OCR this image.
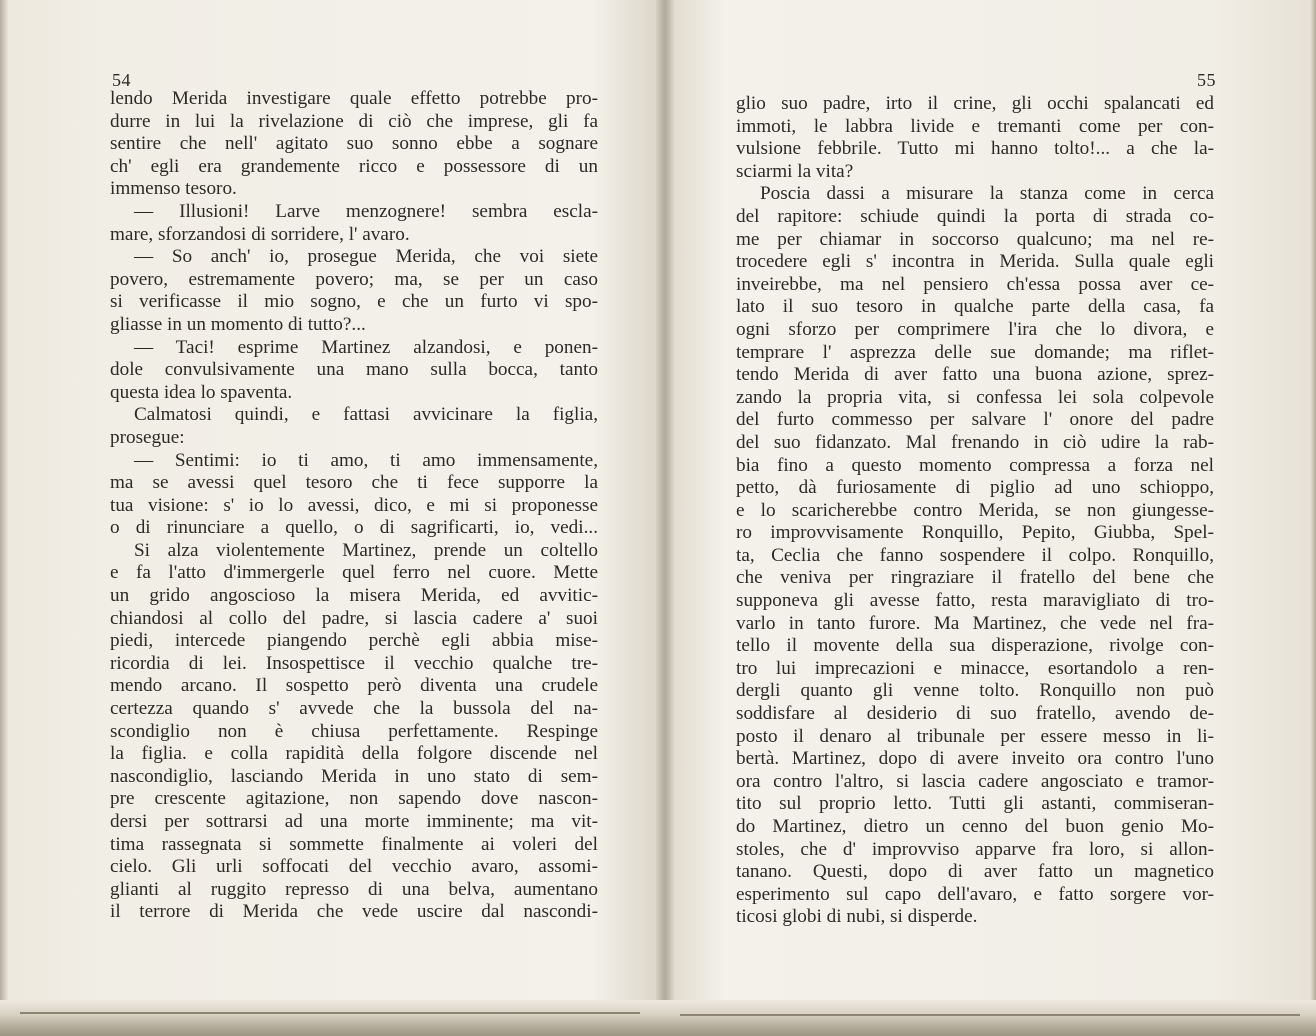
54
lendo Merida investigare quale effetto potrebbe pro-
durre in lui la rivelazione di ciò che imprese, gli fa
sentire che nell' agitato suo sonno ebbe a sognare
ch' egli era grandemente ricco e possessore di un
immenso tesoro.
— Illusioni! Larve menzognere! sembra escla-
mare, sforzandosi di sorridere, l' avaro.
— So anch' io, prosegue Merida, che voi siete
povero, estremamente povero; ma, se per un caso
si verificasse il mio sogno, e che un furto vi spo-
gliasse in un momento di tutto?...
— Taci! esprime Martinez alzandosi, e ponen-
dole convulsivamente una mano sulla bocca, tanto
questa idea lo spaventa.
Calmatosi quindi, e fattasi avvicinare la figlia,
prosegue:
— Sentimi: io ti amo, ti amo immensamente,
ma se avessi quel tesoro che ti fece supporre la
tua visione: s' io lo avessi, dico, e mi si proponesse
o di rinunciare a quello, o di sagrificarti, io, vedi...
Si alza violentemente Martinez, prende un coltello
e fa l'atto d'immergerle quel ferro nel cuore. Mette
un grido angoscioso la misera Merida, ed avvitic-
chiandosi al collo del padre, si lascia cadere a' suoi
piedi, intercede piangendo perchè egli abbia mise-
ricordia di lei. Insospettisce il vecchio qualche tre-
mendo arcano. Il sospetto però diventa una crudele
certezza quando s' avvede che la bussola del na-
scondiglio non è chiusa perfettamente. Respinge
la figlia. e colla rapidità della folgore discende nel
nascondiglio, lasciando Merida in uno stato di sem-
pre crescente agitazione, non sapendo dove nascon-
dersi per sottrarsi ad una morte imminente; ma vit-
tima rassegnata si sommette finalmente ai voleri del
cielo. Gli urli soffocati del vecchio avaro, assomi-
glianti al ruggito represso di una belva, aumentano
il terrore di Merida che vede uscire dal nascondi-
55
glio suo padre, irto il crine, gli occhi spalancati ed
immoti, le labbra livide e tremanti come per con-
vulsione febbrile. Tutto mi hanno tolto!... a che la-
sciarmi la vita?
Poscia dassi a misurare la stanza come in cerca
del rapitore: schiude quindi la porta di strada co-
me per chiamar in soccorso qualcuno; ma nel re-
trocedere egli s' incontra in Merida. Sulla quale egli
inveirebbe, ma nel pensiero ch'essa possa aver ce-
lato il suo tesoro in qualche parte della casa, fa
ogni sforzo per comprimere l'ira che lo divora, e
temprare l' asprezza delle sue domande; ma riflet-
tendo Merida di aver fatto una buona azione, sprez-
zando la propria vita, si confessa lei sola colpevole
del furto commesso per salvare l' onore del padre
del suo fidanzato. Mal frenando in ciò udire la rab-
bia fino a questo momento compressa a forza nel
petto, dà furiosamente di piglio ad uno schioppo,
e lo scaricherebbe contro Merida, se non giungesse-
ro improvvisamente Ronquillo, Pepito, Giubba, Spel-
ta, Ceclia che fanno sospendere il colpo. Ronquillo,
che veniva per ringraziare il fratello del bene che
supponeva gli avesse fatto, resta maravigliato di tro-
varlo in tanto furore. Ma Martinez, che vede nel fra-
tello il movente della sua disperazione, rivolge con-
tro lui imprecazioni e minacce, esortandolo a ren-
dergli quanto gli venne tolto. Ronquillo non può
soddisfare al desiderio di suo fratello, avendo de-
posto il denaro al tribunale per essere messo in li-
bertà. Martinez, dopo di avere inveito ora contro l'uno
ora contro l'altro, si lascia cadere angosciato e tramor-
tito sul proprio letto. Tutti gli astanti, commiseran-
do Martinez, dietro un cenno del buon genio Mo-
stoles, che d' improvviso apparve fra loro, si allon-
tanano. Questi, dopo di aver fatto un magnetico
esperimento sul capo dell'avaro, e fatto sorgere vor-
ticosi globi di nubi, si disperde.
